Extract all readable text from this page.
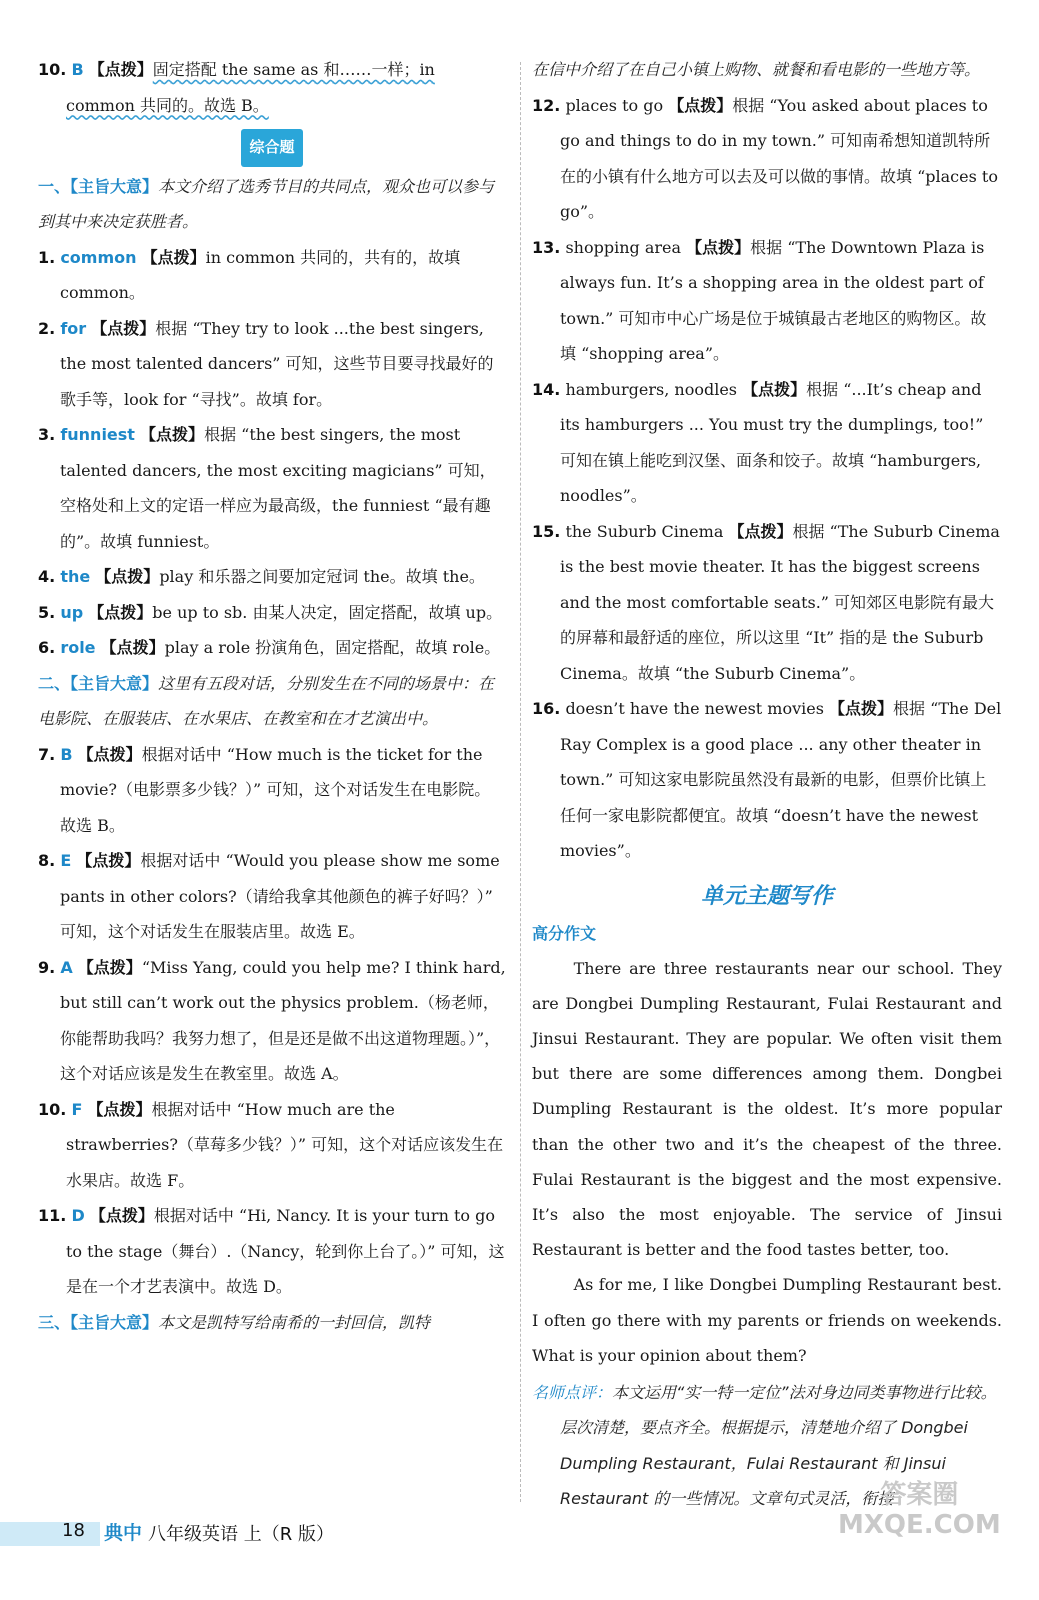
10. B 【点拨】固定搭配 the same as 和……一样；in
common 共同的。故选 B。

综合题

一、【主旨大意】本文介绍了选秀节目的共同点，观众也可以参与到其中来决定获胜者。

1. common 【点拨】in common 共同的，共有的，故填 common。

2. for 【点拨】根据 “They try to look ...the best singers, the most talented dancers” 可知，这些节目要寻找最好的歌手等，look for “寻找”。故填 for。

3. funniest 【点拨】根据 “the best singers, the most talented dancers, the most exciting magicians” 可知，空格处和上文的定语一样应为最高级，the funniest “最有趣的”。故填 funniest。

4. the 【点拨】play 和乐器之间要加定冠词 the。故填 the。

5. up 【点拨】be up to sb. 由某人决定，固定搭配，故填 up。

6. role 【点拨】play a role 扮演角色，固定搭配，故填 role。

二、【主旨大意】这里有五段对话，分别发生在不同的场景中：在电影院、在服装店、在水果店、在教室和在才艺演出中。

7. B 【点拨】根据对话中 “How much is the ticket for the movie?（电影票多少钱？）” 可知，这个对话发生在电影院。故选 B。

8. E 【点拨】根据对话中 “Would you please show me some pants in other colors?（请给我拿其他颜色的裤子好吗？）” 可知，这个对话发生在服装店里。故选 E。

9. A 【点拨】“Miss Yang, could you help me? I think hard, but still can’t work out the physics problem.（杨老师，你能帮助我吗？我努力想了，但是还是做不出这道物理题。）”，这个对话应该是发生在教室里。故选 A。

10. F 【点拨】根据对话中 “How much are the strawberries?（草莓多少钱？）” 可知，这个对话应该发生在水果店。故选 F。

11. D 【点拨】根据对话中 “Hi, Nancy. It is your turn to go to the stage（舞台）.（Nancy，轮到你上台了。）” 可知，这是在一个才艺表演中。故选 D。

三、【主旨大意】本文是凯特写给南希的一封回信，凯特

在信中介绍了在自己小镇上购物、就餐和看电影的一些地方等。

12. places to go 【点拨】根据 “You asked about places to go and things to do in my town.” 可知南希想知道凯特所在的小镇有什么地方可以去及可以做的事情。故填 “places to go”。

13. shopping area 【点拨】根据 “The Downtown Plaza is always fun. It’s a shopping area in the oldest part of town.” 可知市中心广场是位于城镇最古老地区的购物区。故填 “shopping area”。

14. hamburgers, noodles 【点拨】根据 “...It’s cheap and its hamburgers ... You must try the dumplings, too!” 可知在镇上能吃到汉堡、面条和饺子。故填 “hamburgers, noodles”。

15. the Suburb Cinema 【点拨】根据 “The Suburb Cinema is the best movie theater. It has the biggest screens and the most comfortable seats.” 可知郊区电影院有最大的屏幕和最舒适的座位，所以这里 “It” 指的是 the Suburb Cinema。故填 “the Suburb Cinema”。

16. doesn’t have the newest movies 【点拨】根据 “The Del Ray Complex is a good place ... any other theater in town.” 可知这家电影院虽然没有最新的电影，但票价比镇上任何一家电影院都便宜。故填 “doesn’t have the newest movies”。

单元主题写作

高分作文

There are three restaurants near our school. They are Dongbei Dumpling Restaurant, Fulai Restaurant and Jinsui Restaurant. They are popular. We often visit them but there are some differences among them. Dongbei Dumpling Restaurant is the oldest. It’s more popular than the other two and it’s the cheapest of the three. Fulai Restaurant is the biggest and the most expensive. It’s also the most enjoyable. The service of Jinsui Restaurant is better and the food tastes better, too.

As for me, I like Dongbei Dumpling Restaurant best. I often go there with my parents or friends on weekends. What is your opinion about them?

名师点评：本文运用“实一特一定位”法对身边同类事物进行比较。层次清楚，要点齐全。根据提示，清楚地介绍了 Dongbei Dumpling Restaurant，Fulai Restaurant 和 Jinsui Restaurant 的一些情况。文章句式灵活，衔接

18 典中 八年级英语 上（R 版）
答案圈
MXQE.COM
